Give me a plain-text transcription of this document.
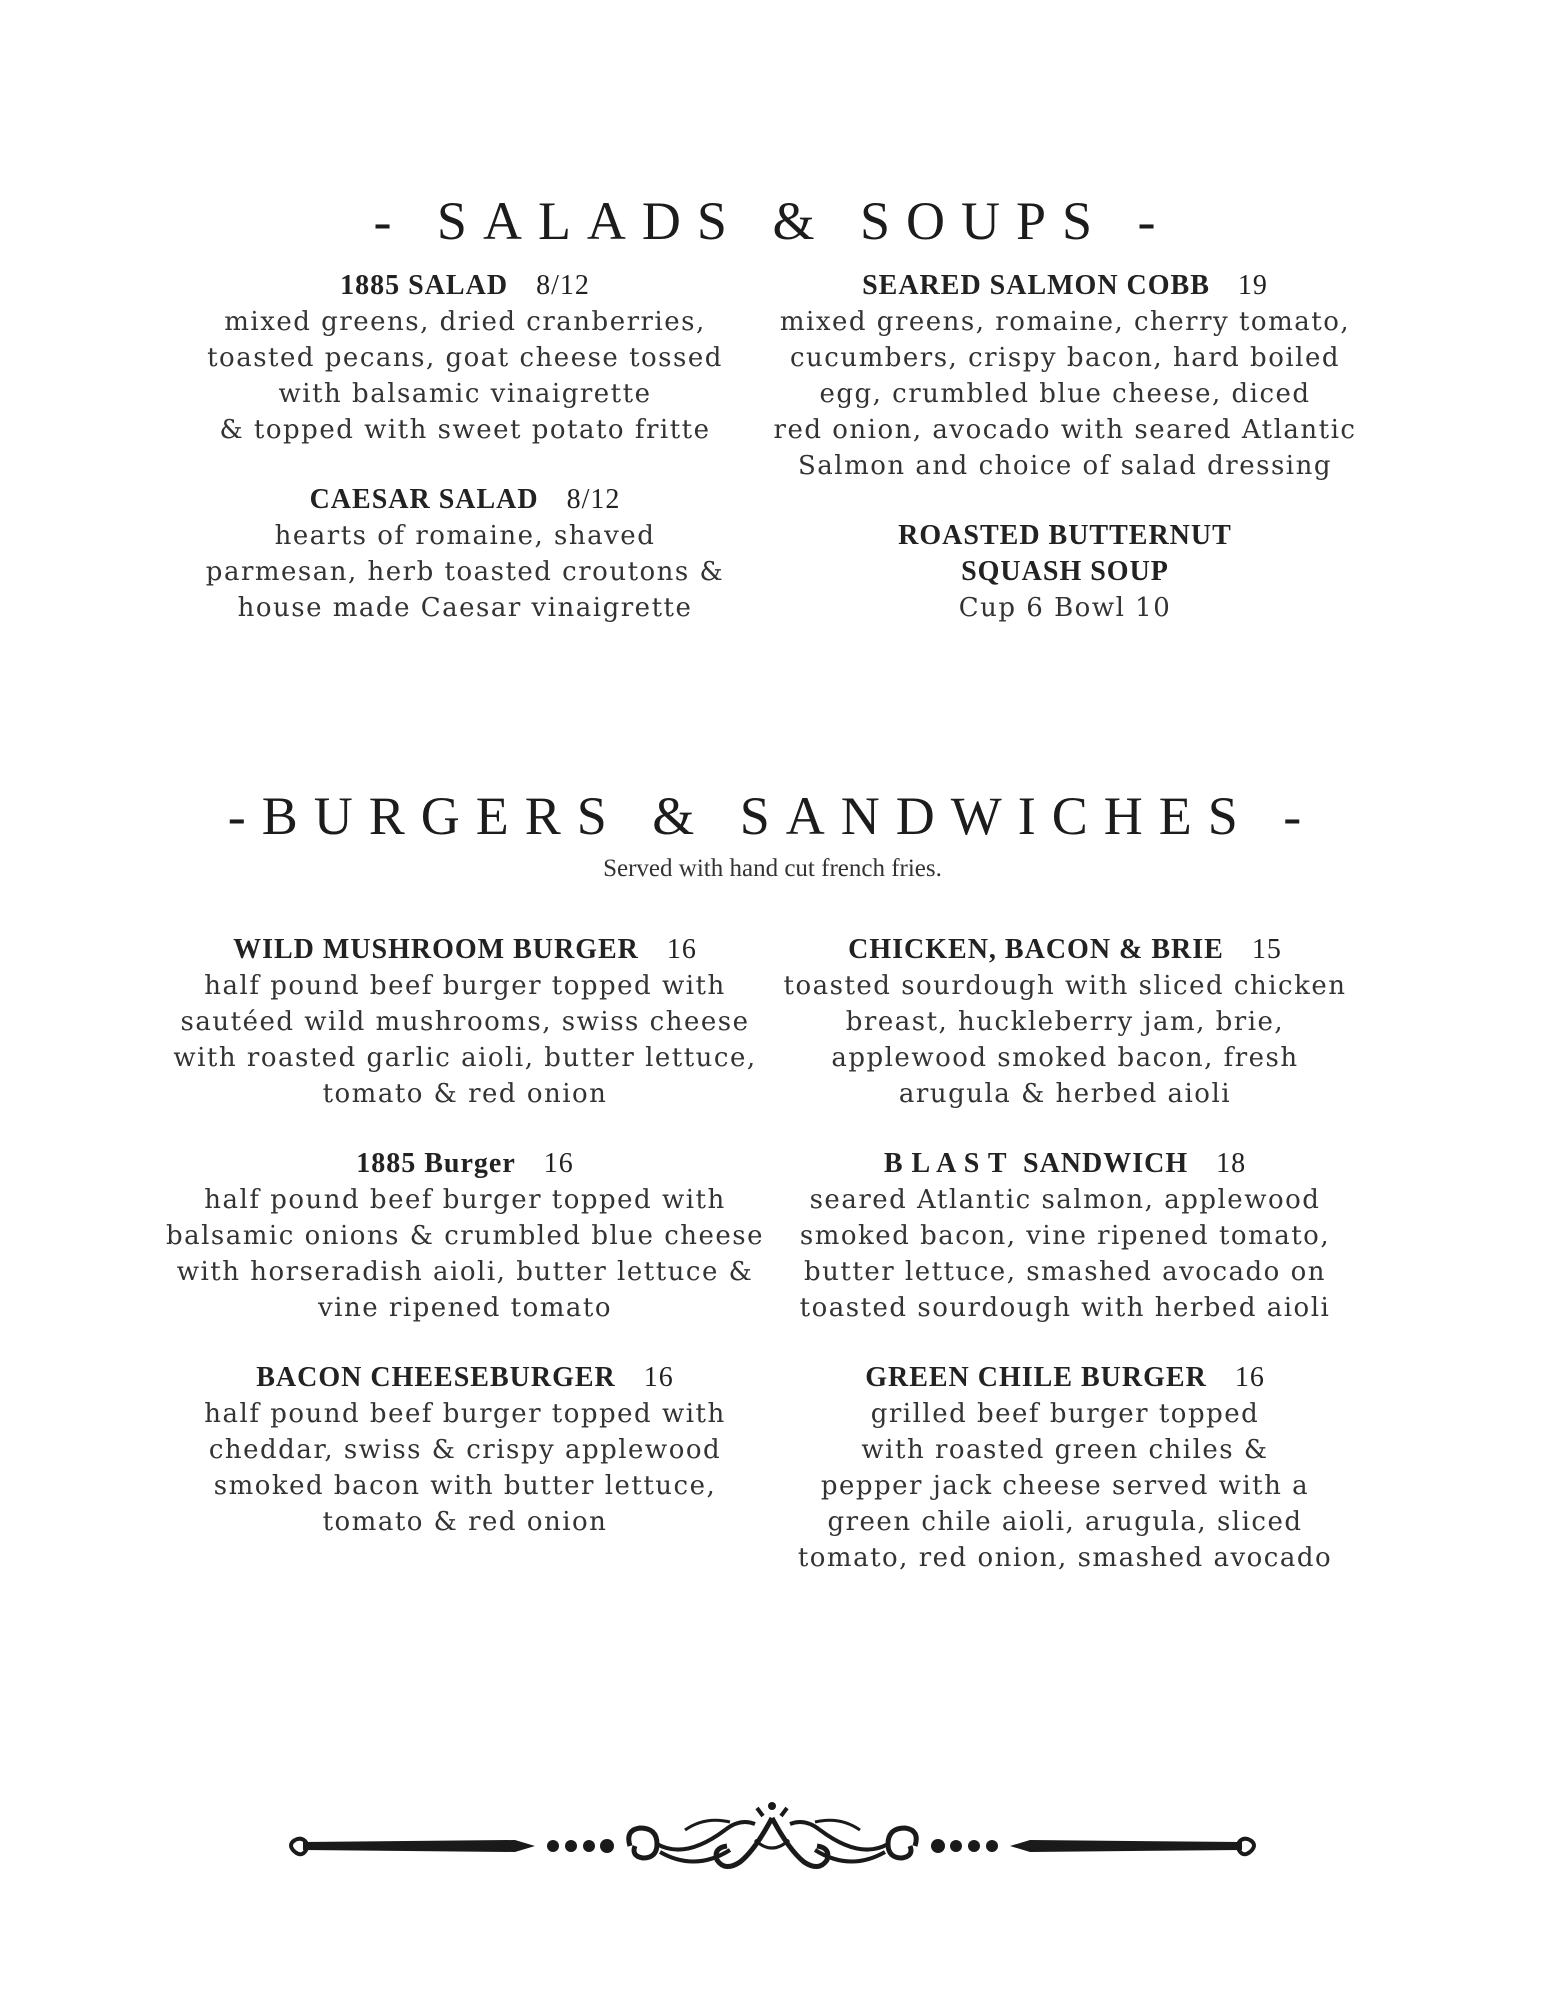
- SALADS & SOUPS -
1885 SALAD 8/12
mixed greens, dried cranberries,
toasted pecans, goat cheese tossed
with balsamic vinaigrette
& topped with sweet potato fritte
CAESAR SALAD 8/12
hearts of romaine, shaved
parmesan, herb toasted croutons &
house made Caesar vinaigrette
SEARED SALMON COBB 19
mixed greens, romaine, cherry tomato,
cucumbers, crispy bacon, hard boiled
egg, crumbled blue cheese, diced
red onion, avocado with seared Atlantic
Salmon and choice of salad dressing
ROASTED BUTTERNUT
SQUASH SOUP
Cup 6 Bowl 10
-BURGERS & SANDWICHES -
Served with hand cut french fries.
WILD MUSHROOM BURGER 16
half pound beef burger topped with
sautéed wild mushrooms, swiss cheese
with roasted garlic aioli, butter lettuce,
tomato & red onion
1885 Burger 16
half pound beef burger topped with
balsamic onions & crumbled blue cheese
with horseradish aioli, butter lettuce &
vine ripened tomato
BACON CHEESEBURGER 16
half pound beef burger topped with
cheddar, swiss & crispy applewood
smoked bacon with butter lettuce,
tomato & red onion
CHICKEN, BACON & BRIE 15
toasted sourdough with sliced chicken
breast, huckleberry jam, brie,
applewood smoked bacon, fresh
arugula & herbed aioli
B L A S T  SANDWICH 18
seared Atlantic salmon, applewood
smoked bacon, vine ripened tomato,
butter lettuce, smashed avocado on
toasted sourdough with herbed aioli
GREEN CHILE BURGER 16
grilled beef burger topped
with roasted green chiles &
pepper jack cheese served with a
green chile aioli, arugula, sliced
tomato, red onion, smashed avocado
